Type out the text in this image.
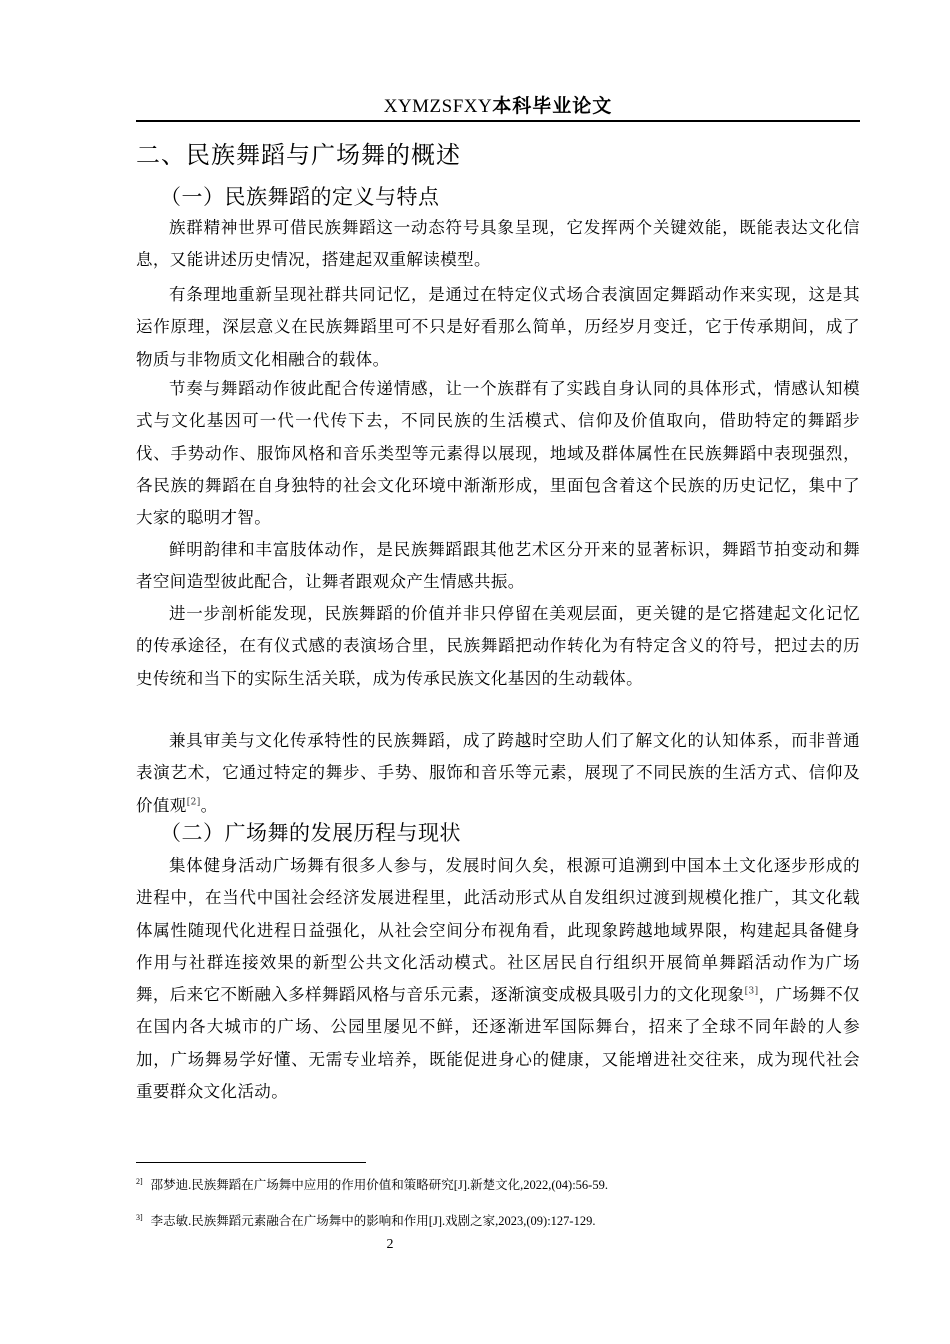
XYMZSFXY本科毕业论文
二、民族舞蹈与广场舞的概述
（一）民族舞蹈的定义与特点

族群精神世界可借民族舞蹈这一动态符号具象呈现，它发挥两个关键效能，既能表达文化信息，又能讲述历史情况，搭建起双重解读模型。

有条理地重新呈现社群共同记忆，是通过在特定仪式场合表演固定舞蹈动作来实现，这是其运作原理，深层意义在民族舞蹈里可不只是好看那么简单，历经岁月变迁，它于传承期间，成了物质与非物质文化相融合的载体。

节奏与舞蹈动作彼此配合传递情感，让一个族群有了实践自身认同的具体形式，情感认知模式与文化基因可一代一代传下去，不同民族的生活模式、信仰及价值取向，借助特定的舞蹈步伐、手势动作、服饰风格和音乐类型等元素得以展现，地域及群体属性在民族舞蹈中表现强烈，各民族的舞蹈在自身独特的社会文化环境中渐渐形成，里面包含着这个民族的历史记忆，集中了大家的聪明才智。

鲜明韵律和丰富肢体动作，是民族舞蹈跟其他艺术区分开来的显著标识，舞蹈节拍变动和舞者空间造型彼此配合，让舞者跟观众产生情感共振。

进一步剖析能发现，民族舞蹈的价值并非只停留在美观层面，更关键的是它搭建起文化记忆的传承途径，在有仪式感的表演场合里，民族舞蹈把动作转化为有特定含义的符号，把过去的历史传统和当下的实际生活关联，成为传承民族文化基因的生动载体。

兼具审美与文化传承特性的民族舞蹈，成了跨越时空助人们了解文化的认知体系，而非普通表演艺术，它通过特定的舞步、手势、服饰和音乐等元素，展现了不同民族的生活方式、信仰及价值观[2]。

（二）广场舞的发展历程与现状

集体健身活动广场舞有很多人参与，发展时间久矣，根源可追溯到中国本土文化逐步形成的进程中，在当代中国社会经济发展进程里，此活动形式从自发组织过渡到规模化推广，其文化载体属性随现代化进程日益强化，从社会空间分布视角看，此现象跨越地域界限，构建起具备健身作用与社群连接效果的新型公共文化活动模式。社区居民自行组织开展简单舞蹈活动作为广场舞，后来它不断融入多样舞蹈风格与音乐元素，逐渐演变成极具吸引力的文化现象[3]，广场舞不仅在国内各大城市的广场、公园里屡见不鲜，还逐渐进军国际舞台，招来了全球不同年龄的人参加，广场舞易学好懂、无需专业培养，既能促进身心的健康，又能增进社交往来，成为现代社会重要群众文化活动。

$^{2]}$ 邵梦迪.民族舞蹈在广场舞中应用的作用价值和策略研究[J].新楚文化,2022,(04):56-59.

$^{3]}$ 李志敏.民族舞蹈元素融合在广场舞中的影响和作用[J].戏剧之家,2023,(09):127-129.

2
